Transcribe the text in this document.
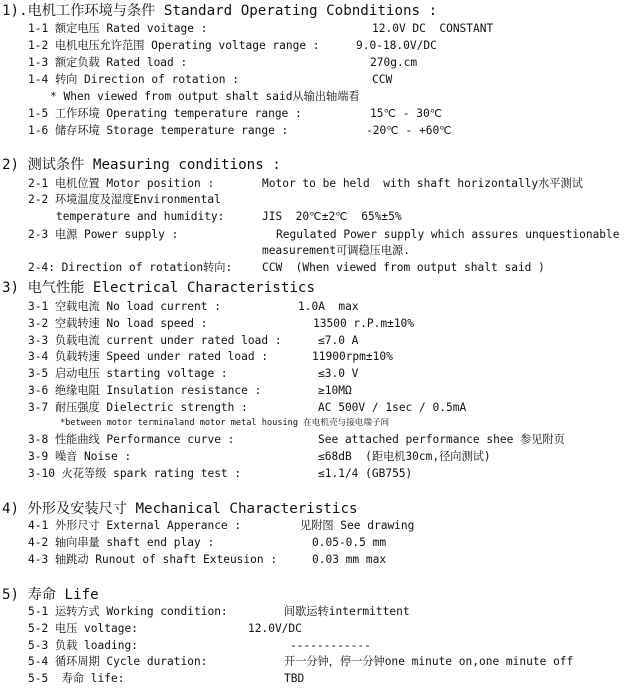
1).电机工作环境与条件 Standard Operating Cobnditions :
1-1 额定电压 Rated voitage :	12.0V DC  CONSTANT
1-2 电机电压允许范围 Operating voltage range :	9.0-18.0V/DC
1-3 额定负载 Rated load :	270g.cm
1-4 转向 Direction of rotation :	CCW
* When viewed from output shalt said从输出轴端看
1-5 工作环境 Operating temperature range :	15℃ - 30℃
1-6 储存环境 Storage temperature range :	-20℃ - +60℃
2) 测试条件 Measuring conditions :
2-1 电机位置 Motor position :	Motor to be held  with shaft horizontally水平测试
2-2 环境温度及湿度Environmental
temperature and humidity:	JIS  20℃±2℃  65%±5%
2-3 电源 Power supply :	Regulated Power supply which assures unquestionable
measurement可调稳压电源.
2-4: Direction of rotation转向:	CCW  (When viewed from output shalt said )
3) 电气性能 Electrical Characteristics
3-1 空载电流 No load current :	1.0A  max
3-2 空载转速 No load speed :	13500 r.P.m±10%
3-3 负载电流 current under rated load :	≤7.0 A
3-4 负载转速 Speed under rated load :	11900rpm±10%
3-5 启动电压 starting voltage :	≤3.0 V
3-6 绝缘电阻 Insulation resistance :	≥10MΩ
3-7 耐压强度 Dielectric strength :	AC 500V / 1sec / 0.5mA
*between motor terminaland motor metal housing 在电机壳与接电端子间
3-8 性能曲线 Performance curve :	See attached performance shee 参见附页
3-9 噪音 Noise :	≤68dB  (距电机30cm,径向测试)
3-10 火花等级 spark rating test :	≤1.1/4 (GB755)
4) 外形及安装尺寸 Mechanical Characteristics
4-1 外形尺寸 External Apperance :	见附图 See drawing
4-2 轴向串量 shaft end play :	0.05-0.5 mm
4-3 轴跳动 Runout of shaft Exteusion :	0.03 mm max
5) 寿命 Life
5-1 运转方式 Working condition:	间歇运转intermittent
5-2 电压 voltage:	12.0V/DC
5-3 负载 loading:	------------
5-4 循环周期 Cycle duration:	开一分钟，停一分钟one minute on,one minute off
5-5  寿命 life:	TBD
